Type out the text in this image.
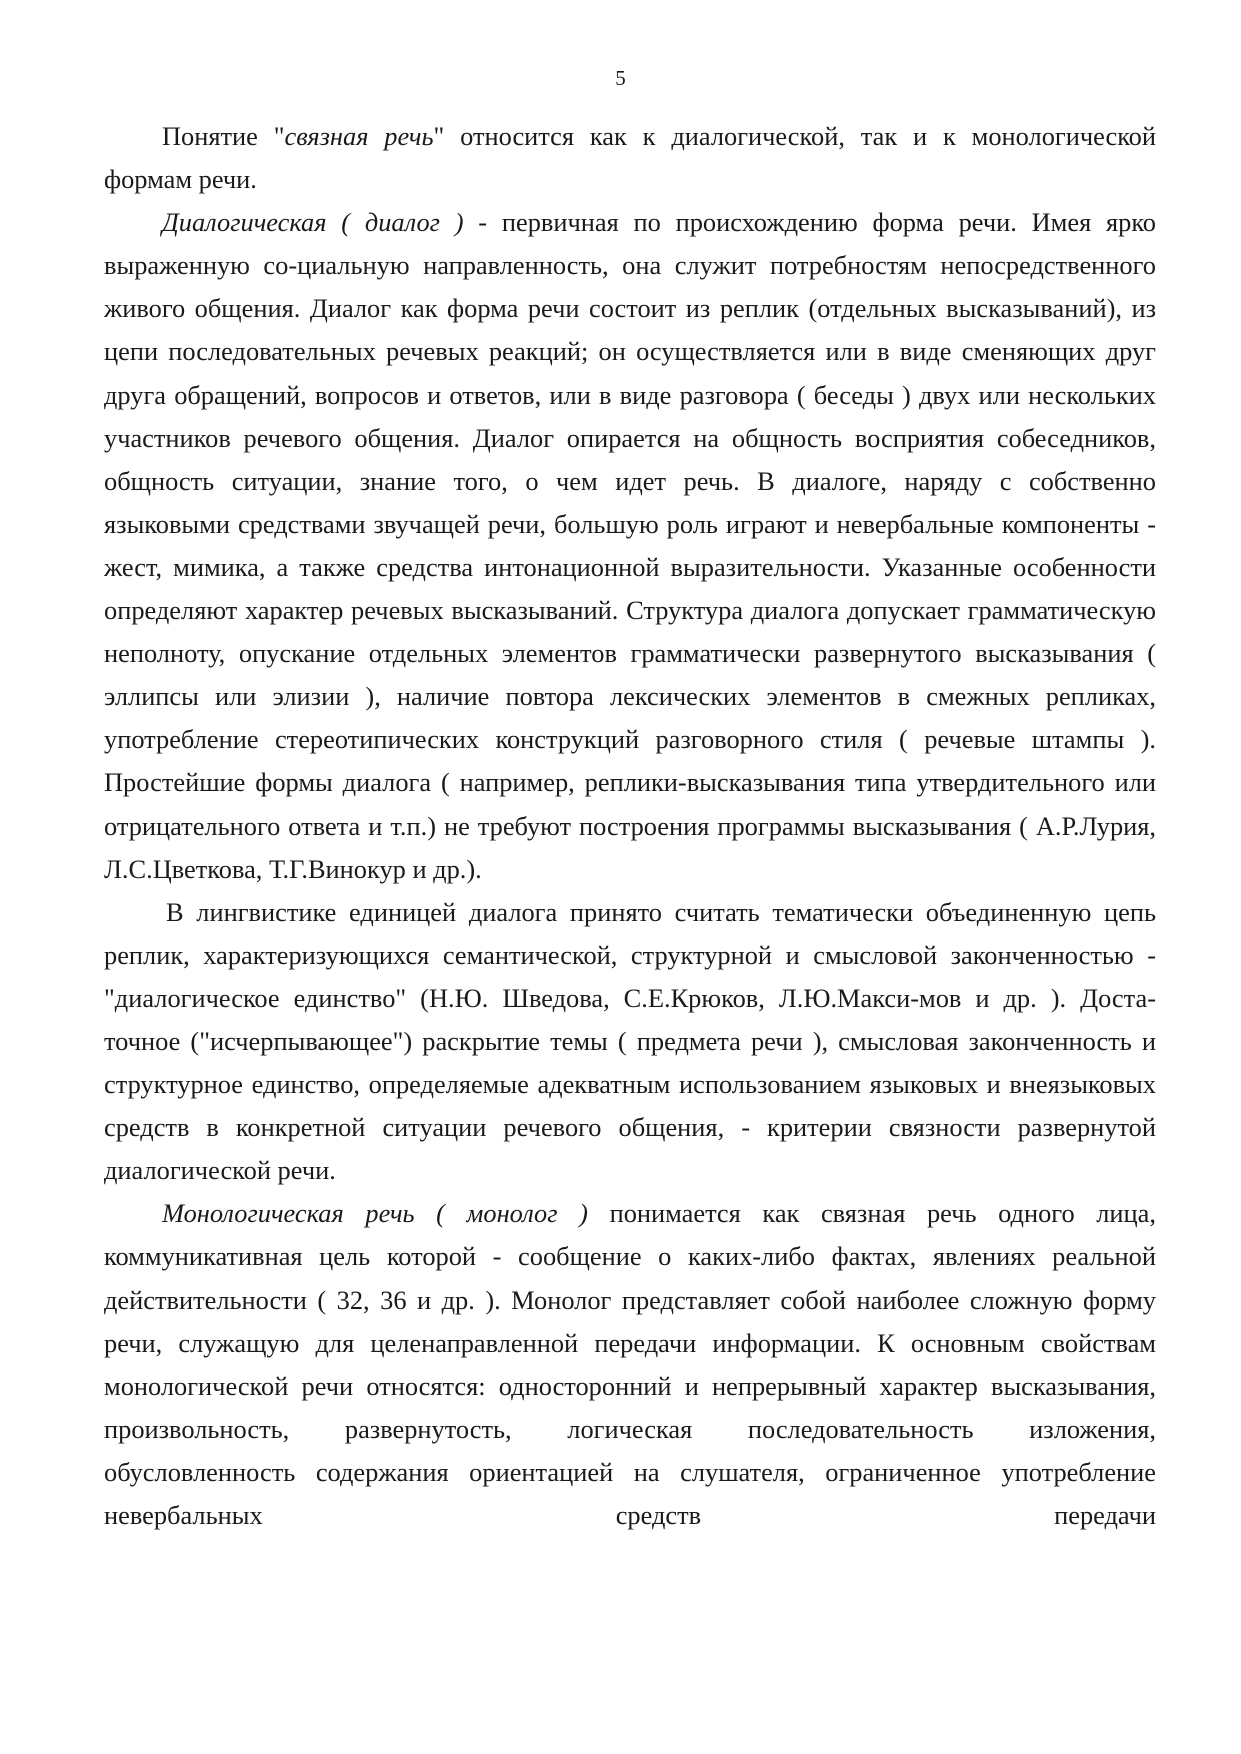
5

Понятие "связная речь" относится как к диалогической, так и к монологической формам речи.

Диалогическая ( диалог ) - первичная по происхождению форма речи. Имея ярко выраженную со-циальную направленность, она служит потребностям непосредственного живого общения. Диалог как форма речи состоит из реплик (отдельных высказываний), из цепи последовательных речевых реакций; он осуществляется или в виде сменяющих друг друга обращений, вопросов и ответов, или в виде разговора ( беседы ) двух или нескольких участников речевого общения. Диалог опирается на общность восприятия собеседников, общность ситуации, знание того, о чем идет речь. В диалоге, наряду с собственно языковыми средствами звучащей речи, большую роль играют и невербальные компоненты - жест, мимика, а также средства интонационной выразительности. Указанные особенности определяют характер речевых высказываний. Структура диалога допускает грамматическую неполноту, опускание отдельных элементов грамматически развернутого высказывания ( эллипсы или элизии ), наличие повтора лексических элементов в смежных репликах, употребление стереотипических конструкций разговорного стиля ( речевые штампы ). Простейшие формы диалога ( например, реплики-высказывания типа утвердительного или отрицательного ответа и т.п.) не требуют построения программы высказывания ( А.Р.Лурия, Л.С.Цветкова, Т.Г.Винокур и др.).

В лингвистике единицей диалога принято считать тематически объединенную цепь реплик, характеризующихся семантической, структурной и смысловой законченностью - "диалогическое единство" (Н.Ю. Шведова, С.Е.Крюков, Л.Ю.Макси-мов и др. ). Доста-точное ("исчерпывающее") раскрытие темы ( предмета речи ), смысловая законченность и структурное единство, определяемые адекватным использованием языковых и внеязыковых средств в конкретной ситуации речевого общения, - критерии связности развернутой диалогической речи.

Монологическая речь ( монолог ) понимается как связная речь одного лица, коммуникативная цель которой - сообщение о каких-либо фактах, явлениях реальной действительности ( 32, 36 и др. ). Монолог представляет собой наиболее сложную форму речи, служащую для целенаправленной передачи информации. К основным свойствам монологической речи относятся: односторонний и непрерывный характер высказывания, произвольность, развернутость, логическая последовательность изложения, обусловленность содержания ориентацией на слушателя, ограниченное употребление невербальных средств передачи
